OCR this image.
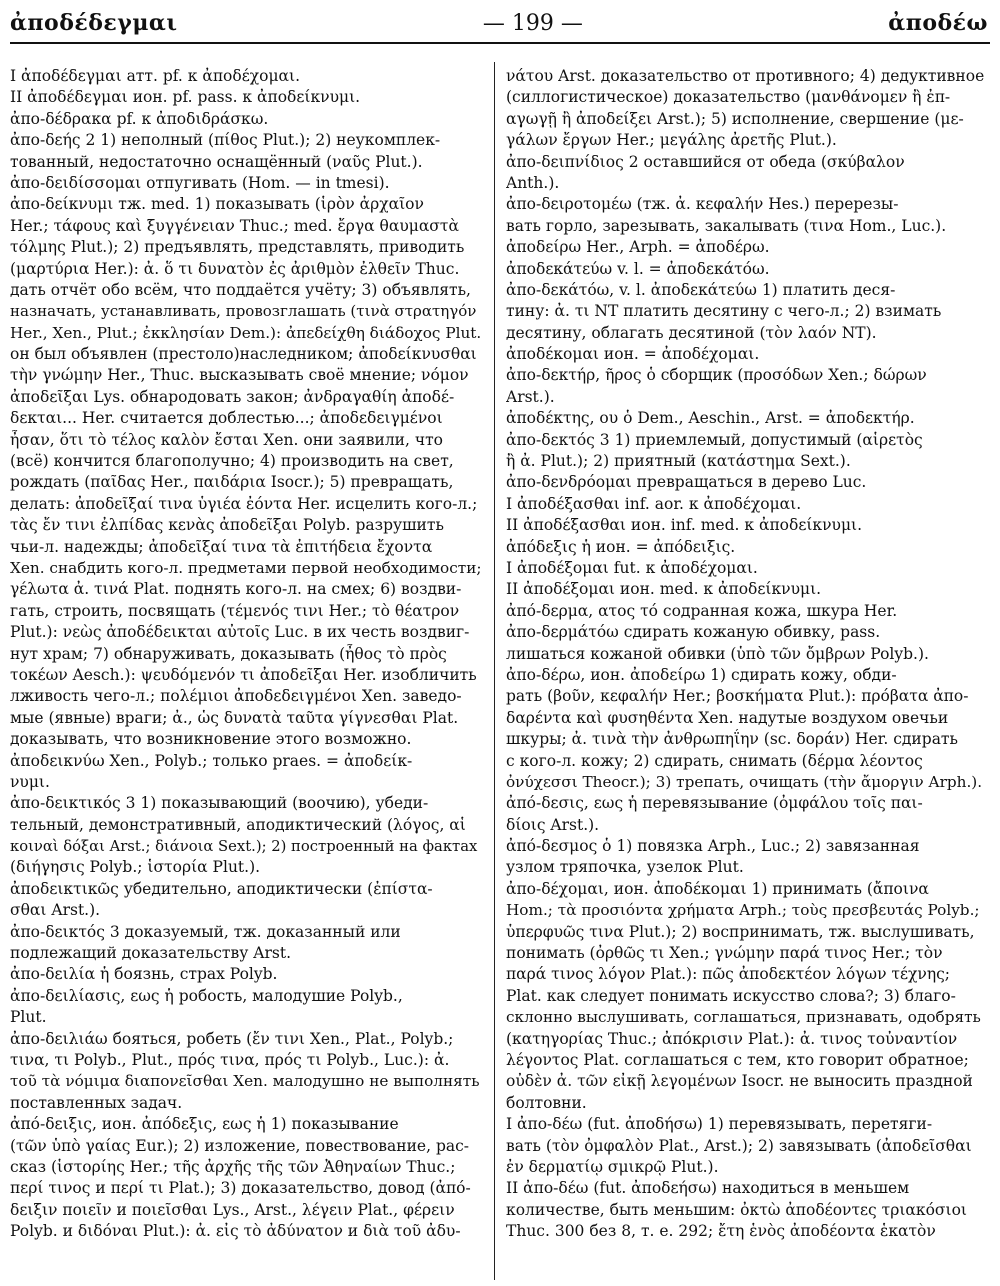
ἀποδέδεγμαι	— 199 —	ἀποδέω
I ἀποδέδεγμαι атт. pf. к ἀποδέχομαι.
II ἀποδέδεγμαι ион. pf. pass. к ἀποδείκνυμι.
ἀπο-δέδρακα pf. к ἀποδιδράσκω.
ἀπο-δεής 2 1) неполный (πίθος Plut.); 2) неукомплек-
тованный, недостаточно оснащённый (ναῦς Plut.).
ἀπο-δειδίσσομαι отпугивать (Hom. — in tmesi).
ἀπο-δείκνυμι тж. med. 1) показывать (ἱρὸν ἀρχαῖον
Her.; τάφους καὶ ξυγγένειαν Thuc.; med. ἔργα θαυμαστὰ
τόλμης Plut.); 2) предъявлять, представлять, приводить
(μαρτύρια Her.): ἀ. ὅ τι δυνατὸν ἐς ἀριθμὸν ἐλθεῖν Thuc.
дать отчёт обо всём, что поддаётся учёту; 3) объявлять,
назначать, устанавливать, провозглашать (τινὰ στρατηγόν
Her., Xen., Plut.; ἐκκλησίαν Dem.): ἀπεδείχθη διάδοχος Plut.
он был объявлен (престоло)наследником; ἀποδείκνυσθαι
τὴν γνώμην Her., Thuc. высказывать своё мнение; νόμον
ἀποδεῖξαι Lys. обнародовать закон; ἀνδραγαθίη ἀποδέ-
δεκται... Her. считается доблестью...; ἀποδεδειγμένοι
ἦσαν, ὅτι τὸ τέλος καλὸν ἔσται Xen. они заявили, что
(всё) кончится благополучно; 4) производить на свет,
рождать (παῖδας Her., παιδάρια Isocr.); 5) превращать,
делать: ἀποδεῖξαί τινα ὑγιέα ἐόντα Her. исцелить кого-л.;
τὰς ἔν τινι ἐλπίδας κενὰς ἀποδεῖξαι Polyb. разрушить
чьи-л. надежды; ἀποδεῖξαί τινα τὰ ἐπιτήδεια ἔχοντα
Xen. снабдить кого-л. предметами первой необходимости;
γέλωτα ἀ. τινά Plat. поднять кого-л. на смех; 6) воздви-
гать, строить, посвящать (τέμενός τινι Her.; τὸ θέατρον
Plut.): νεὼς ἀποδέδεικται αὐτοῖς Luc. в их честь воздвиг-
нут храм; 7) обнаруживать, доказывать (ἦθος τὸ πρὸς
τοκέων Aesch.): ψευδόμενόν τι ἀποδεῖξαι Her. изобличить
лживость чего-л.; πολέμιοι ἀποδεδειγμένοι Xen. заведо-
мые (явные) враги; ἀ., ὡς δυνατὰ ταῦτα γίγνεσθαι Plat.
доказывать, что возникновение этого возможно.
ἀποδεικνύω Xen., Polyb.; только praes. = ἀποδείκ-
νυμι.
ἀπο-δεικτικός 3 1) показывающий (воочию), убеди-
тельный, демонстративный, аподиктический (λόγος, αἱ
κοιναὶ δόξαι Arst.; διάνοια Sext.); 2) построенный на фактах
(διήγησις Polyb.; ἱστορία Plut.).
ἀποδεικτικῶς убедительно, аподиктически (ἐπίστα-
σθαι Arst.).
ἀπο-δεικτός 3 доказуемый, тж. доказанный или
подлежащий доказательству Arst.
ἀπο-δειλία ἡ боязнь, страх Polyb.
ἀπο-δειλίασις, εως ἡ робость, малодушие Polyb.,
Plut.
ἀπο-δειλιάω бояться, робеть (ἔν τινι Xen., Plat., Polyb.;
τινα, τι Polyb., Plut., πρός τινα, πρός τι Polyb., Luc.): ἀ.
τοῦ τὰ νόμιμα διαπονεῖσθαι Xen. малодушно не выполнять
поставленных задач.
ἀπό-δειξις, ион. ἀπόδεξις, εως ἡ 1) показывание
(τῶν ὑπὸ γαίας Eur.); 2) изложение, повествование, рас-
сказ (ἱστορίης Her.; τῆς ἀρχῆς τῆς τῶν Ἀθηναίων Thuc.;
περί τινος и περί τι Plat.); 3) доказательство, довод (ἀπό-
δειξιν ποιεῖν и ποιεῖσθαι Lys., Arst., λέγειν Plat., φέρειν
Polyb. и διδόναι Plut.): ἀ. εἰς τὸ ἀδύνατον и διὰ τοῦ ἀδυ-
νάτου Arst. доказательство от противного; 4) дедуктивное
(силлогистическое) доказательство (μανθάνομεν ἢ ἐπ-
αγωγῇ ἢ ἀποδείξει Arst.); 5) исполнение, свершение (με-
γάλων ἔργων Her.; μεγάλης ἀρετῆς Plut.).
ἀπο-δειπνίδιος 2 оставшийся от обеда (σκύβαλον
Anth.).
ἀπο-δειροτομέω (тж. ἀ. κεφαλήν Hes.) перерезы-
вать горло, зарезывать, закалывать (τινα Hom., Luc.).
ἀποδείρω Her., Arph. = ἀποδέρω.
ἀποδεκάτεύω v. l. = ἀποδεκάτόω.
ἀπο-δεκάτόω, v. l. ἀποδεκάτεύω 1) платить деся-
тину: ἀ. τι NT платить десятину с чего-л.; 2) взимать
десятину, облагать десятиной (τὸν λαόν NT).
ἀποδέκομαι ион. = ἀποδέχομαι.
ἀπο-δεκτήρ, ῆρος ὁ сборщик (προσόδων Xen.; δώρων
Arst.).
ἀποδέκτης, ου ὁ Dem., Aeschin., Arst. = ἀποδεκτήρ.
ἀπο-δεκτός 3 1) приемлемый, допустимый (αἱρετὸς
ἢ ἀ. Plut.); 2) приятный (κατάστημα Sext.).
ἀπο-δενδρόομαι превращаться в дерево Luc.
I ἀποδέξασθαι inf. aor. к ἀποδέχομαι.
II ἀποδέξασθαι ион. inf. med. к ἀποδείκνυμι.
ἀπόδεξις ἡ ион. = ἀπόδειξις.
I ἀποδέξομαι fut. к ἀποδέχομαι.
II ἀποδέξομαι ион. med. к ἀποδείκνυμι.
ἀπό-δερμα, ατος τό содранная кожа, шкура Her.
ἀπο-δερμάτόω сдирать кожаную обивку, pass.
лишаться кожаной обивки (ὑπὸ τῶν ὄμβρων Polyb.).
ἀπο-δέρω, ион. ἀποδείρω 1) сдирать кожу, обди-
рать (βοῦν, κεφαλήν Her.; βοσκήματα Plut.): πρόβατα ἀπο-
δαρέντα καὶ φυσηθέντα Xen. надутые воздухом овечьи
шкуры; ἀ. τινὰ τὴν ἀνθρωπηΐην (sc. δοράν) Her. сдирать
с кого-л. кожу; 2) сдирать, снимать (δέρμα λέοντος
ὀνύχεσσι Theocr.); 3) трепать, очищать (τὴν ἄμοργιν Arph.).
ἀπό-δεσις, εως ἡ перевязывание (ὀμφάλου τοῖς παι-
δίοις Arst.).
ἀπό-δεσμος ὁ 1) повязка Arph., Luc.; 2) завязанная
узлом тряпочка, узелок Plut.
ἀπο-δέχομαι, ион. ἀποδέκομαι 1) принимать (ἄποινα
Hom.; τὰ προσιόντα χρήματα Arph.; τοὺς πρεσβευτάς Polyb.;
ὑπερφυῶς τινα Plut.); 2) воспринимать, тж. выслушивать,
понимать (ὀρθῶς τι Xen.; γνώμην παρά τινος Her.; τὸν
παρά τινος λόγον Plat.): πῶς ἀποδεκτέον λόγων τέχνης;
Plat. как следует понимать искусство слова?; 3) благо-
склонно выслушивать, соглашаться, признавать, одобрять
(κατηγορίας Thuc.; ἀπόκρισιν Plat.): ἀ. τινος τοὐναντίον
λέγοντος Plat. соглашаться с тем, кто говорит обратное;
οὐδὲν ἀ. τῶν εἰκῇ λεγομένων Isocr. не выносить праздной
болтовни.
I ἀπο-δέω (fut. ἀποδήσω) 1) перевязывать, перетяги-
вать (τὸν ὀμφαλὸν Plat., Arst.); 2) завязывать (ἀποδεῖσθαι
ἐν δερματίῳ σμικρῷ Plut.).
II ἀπο-δέω (fut. ἀποδεήσω) находиться в меньшем
количестве, быть меньшим: ὀκτὼ ἀποδέοντες τριακόσιοι
Thuc. 300 без 8, т. е. 292; ἔτη ἑνὸς ἀποδέοντα ἑκατὸν
